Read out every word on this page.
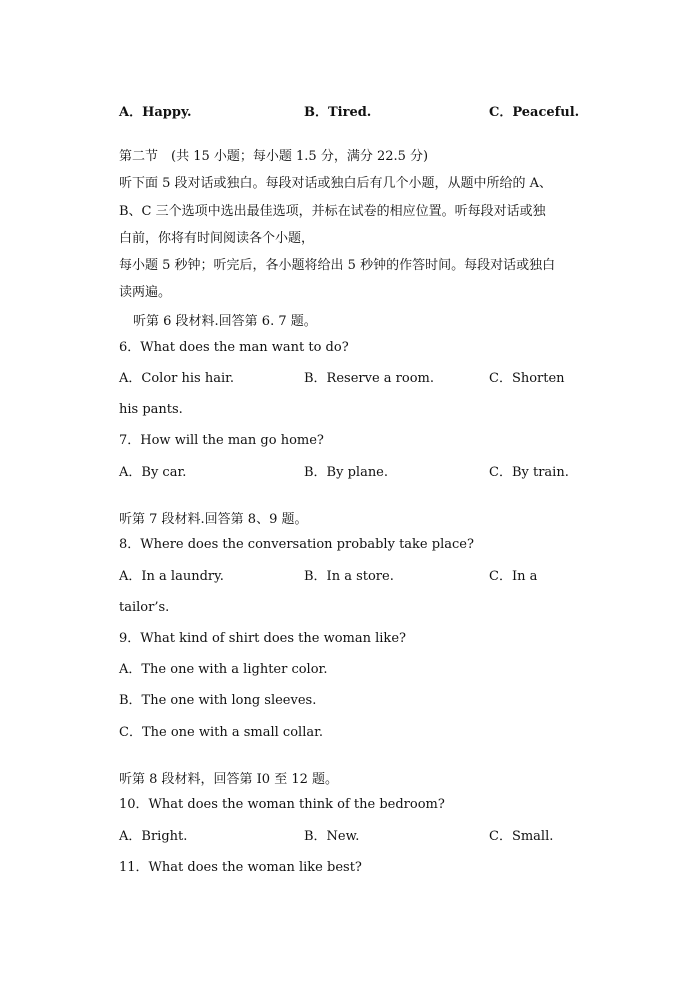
A．Happy.	B．Tired.	C．Peaceful.
第二节　(共 15 小题；每小题 1.5 分，满分 22.5 分)
听下面 5 段对话或独白。每段对话或独白后有几个小题，从题中所给的 A、
B、C 三个选项中选出最佳选项，并标在试卷的相应位置。听每段对话或独
白前，你将有时间阅读各个小题，
每小题 5 秒钟；听完后，各小题将给出 5 秒钟的作答时间。每段对话或独白
读两遍。
听第 6 段材料.回答第 6. 7 题。
6．What does the man want to do?
A．Color his hair.	B．Reserve a room.	C．Shorten
his pants.
7．How will the man go home?
A．By car.	B．By plane.	C．By train.
听第 7 段材料.回答第 8、9 题。
8．Where does the conversation probably take place?
A．In a laundry.	B．In a store.	C．In a
tailor’s.
9．What kind of shirt does the woman like?
A．The one with a lighter color.
B．The one with long sleeves.
C．The one with a small collar.
听第 8 段材料，回答第 I0 至 12 题。
10．What does the woman think of the bedroom?
A．Bright.	B．New.	C．Small.
11．What does the woman like best?
